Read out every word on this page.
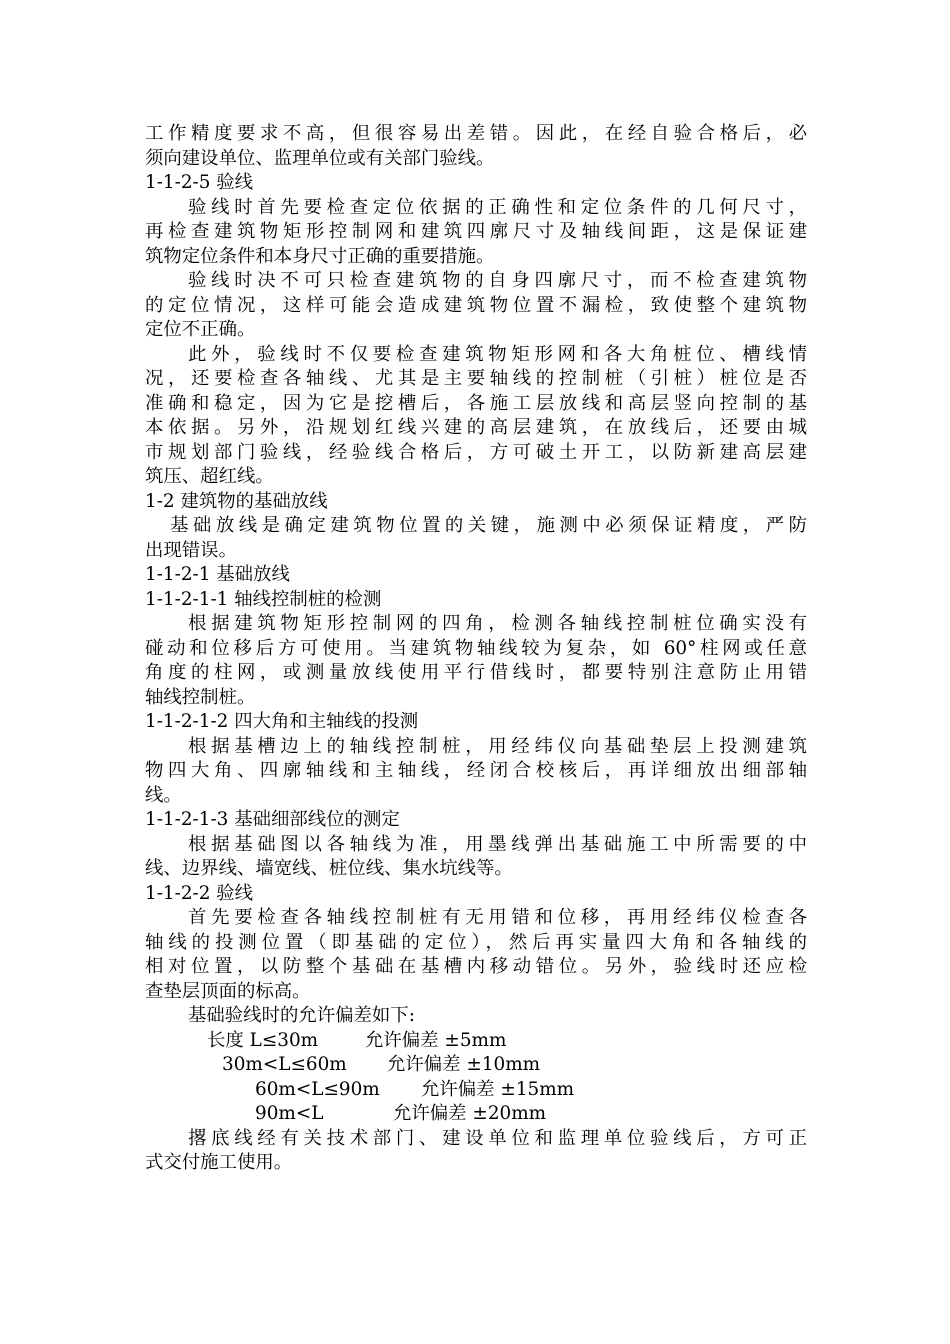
工作精度要求不高，但很容易出差错。因此，在经自验合格后，必
须向建设单位、监理单位或有关部门验线。
1-1-2-5 验线
验线时首先要检查定位依据的正确性和定位条件的几何尺寸，
再检查建筑物矩形控制网和建筑四廓尺寸及轴线间距，这是保证建
筑物定位条件和本身尺寸正确的重要措施。
验线时决不可只检查建筑物的自身四廓尺寸，而不检查建筑物
的定位情况，这样可能会造成建筑物位置不漏检，致使整个建筑物
定位不正确。
此外，验线时不仅要检查建筑物矩形网和各大角桩位、槽线情
况，还要检查各轴线、尤其是主要轴线的控制桩（引桩）桩位是否
准确和稳定，因为它是挖槽后，各施工层放线和高层竖向控制的基
本依据。另外，沿规划红线兴建的高层建筑，在放线后，还要由城
市规划部门验线，经验线合格后，方可破土开工，以防新建高层建
筑压、超红线。
1-2 建筑物的基础放线
基础放线是确定建筑物位置的关键，施测中必须保证精度，严防
出现错误。
1-1-2-1 基础放线
1-1-2-1-1 轴线控制桩的检测
根据建筑物矩形控制网的四角，检测各轴线控制桩位确实没有
碰动和位移后方可使用。当建筑物轴线较为复杂，如 60°柱网或任意
角度的柱网，或测量放线使用平行借线时，都要特别注意防止用错
轴线控制桩。
1-1-2-1-2 四大角和主轴线的投测
根据基槽边上的轴线控制桩，用经纬仪向基础垫层上投测建筑
物四大角、四廓轴线和主轴线，经闭合校核后，再详细放出细部轴
线。
1-1-2-1-3 基础细部线位的测定
根据基础图以各轴线为准，用墨线弹出基础施工中所需要的中
线、边界线、墙宽线、桩位线、集水坑线等。
1-1-2-2 验线
首先要检查各轴线控制桩有无用错和位移，再用经纬仪检查各
轴线的投测位置（即基础的定位），然后再实量四大角和各轴线的
相对位置，以防整个基础在基槽内移动错位。另外，验线时还应检
查垫层顶面的标高。
基础验线时的允许偏差如下:
长度 L≤30m	允许偏差 ±5mm
30m<L≤60m 允许偏差 ±10mm
60m<L≤90m 允许偏差 ±15mm
90m<L	允许偏差 ±20mm
撂底线经有关技术部门、建设单位和监理单位验线后，方可正
式交付施工使用。
